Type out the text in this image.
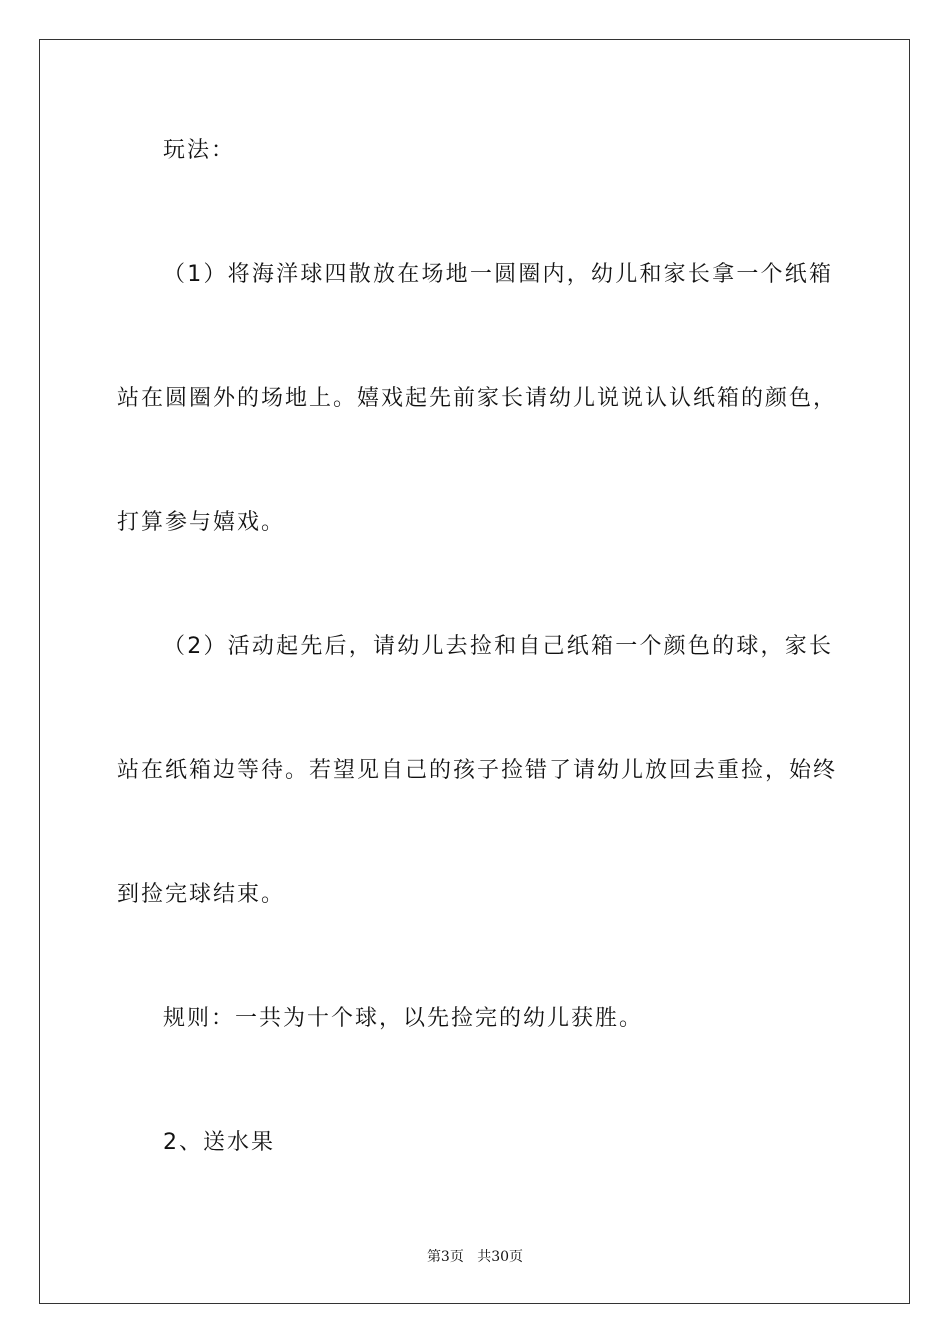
玩法：
（1）将海洋球四散放在场地一圆圈内，幼儿和家长拿一个纸箱
站在圆圈外的场地上。嬉戏起先前家长请幼儿说说认认纸箱的颜色，
打算参与嬉戏。
（2）活动起先后，请幼儿去捡和自己纸箱一个颜色的球，家长
站在纸箱边等待。若望见自己的孩子捡错了请幼儿放回去重捡，始终
到捡完球结束。
规则：一共为十个球，以先捡完的幼儿获胜。
2、送水果
第3页 共30页
